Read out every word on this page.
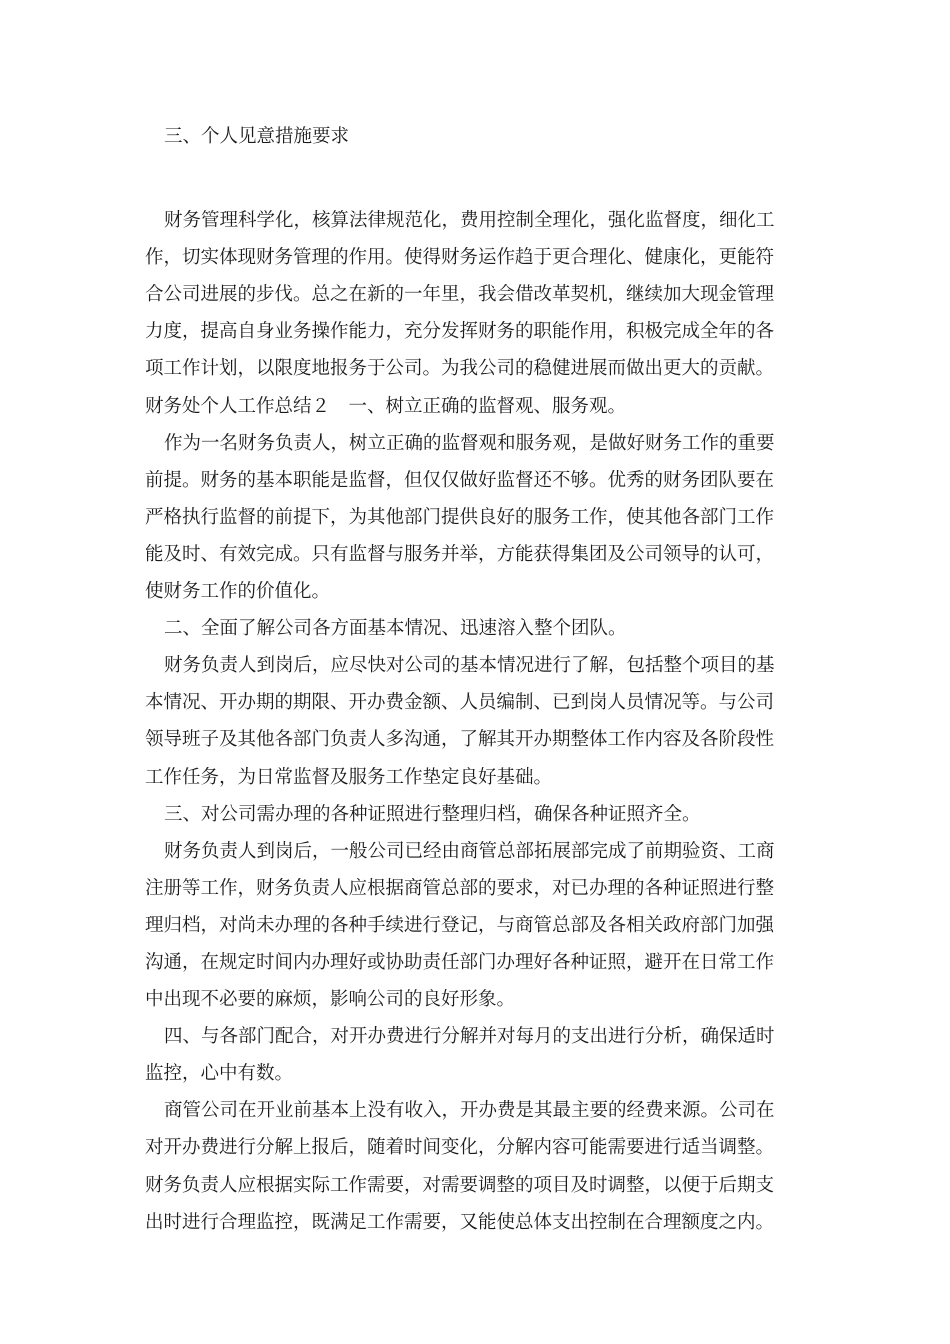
三、个人见意措施要求
财务管理科学化，核算法律规范化，费用控制全理化，强化监督度，细化工
作，切实体现财务管理的作用。使得财务运作趋于更合理化、健康化，更能符
合公司进展的步伐。总之在新的一年里，我会借改革契机，继续加大现金管理
力度，提高自身业务操作能力，充分发挥财务的职能作用，积极完成全年的各
项工作计划，以限度地报务于公司。为我公司的稳健进展而做出更大的贡献。
财务处个人工作总结２　一、树立正确的监督观、服务观。
作为一名财务负责人，树立正确的监督观和服务观，是做好财务工作的重要
前提。财务的基本职能是监督，但仅仅做好监督还不够。优秀的财务团队要在
严格执行监督的前提下，为其他部门提供良好的服务工作，使其他各部门工作
能及时、有效完成。只有监督与服务并举，方能获得集团及公司领导的认可，
使财务工作的价值化。
二、全面了解公司各方面基本情况、迅速溶入整个团队。
财务负责人到岗后，应尽快对公司的基本情况进行了解，包括整个项目的基
本情况、开办期的期限、开办费金额、人员编制、已到岗人员情况等。与公司
领导班子及其他各部门负责人多沟通，了解其开办期整体工作内容及各阶段性
工作任务，为日常监督及服务工作垫定良好基础。
三、对公司需办理的各种证照进行整理归档，确保各种证照齐全。
财务负责人到岗后，一般公司已经由商管总部拓展部完成了前期验资、工商
注册等工作，财务负责人应根据商管总部的要求，对已办理的各种证照进行整
理归档，对尚未办理的各种手续进行登记，与商管总部及各相关政府部门加强
沟通，在规定时间内办理好或协助责任部门办理好各种证照，避开在日常工作
中出现不必要的麻烦，影响公司的良好形象。
四、与各部门配合，对开办费进行分解并对每月的支出进行分析，确保适时
监控，心中有数。
商管公司在开业前基本上没有收入，开办费是其最主要的经费来源。公司在
对开办费进行分解上报后，随着时间变化，分解内容可能需要进行适当调整。
财务负责人应根据实际工作需要，对需要调整的项目及时调整，以便于后期支
出时进行合理监控，既满足工作需要，又能使总体支出控制在合理额度之内。
